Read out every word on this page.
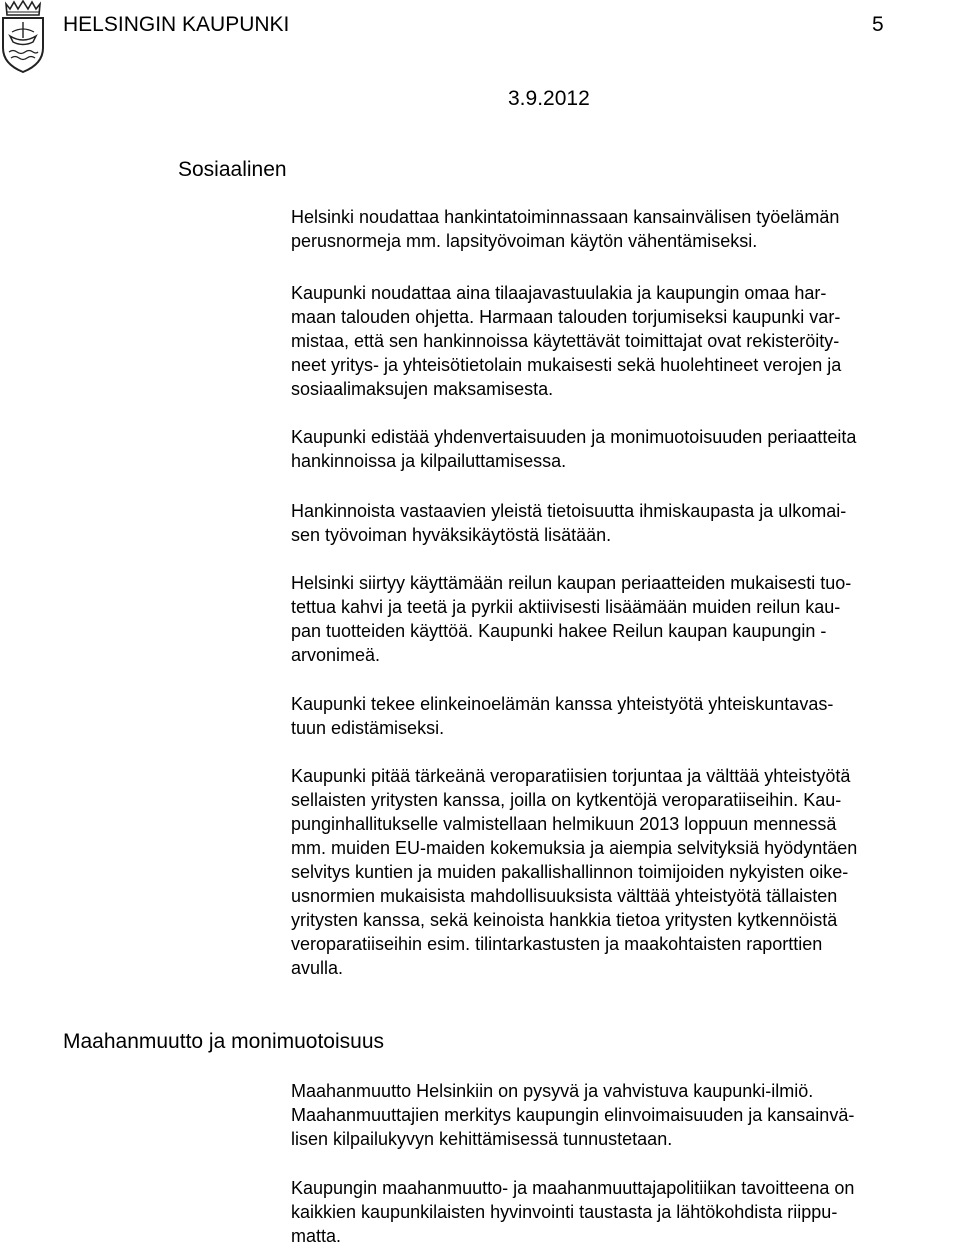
HELSINGIN KAUPUNKI	5
3.9.2012
Sosiaalinen

Helsinki noudattaa hankintatoiminnassaan kansainvälisen työelämän
perusnormeja mm. lapsityövoiman käytön vähentämiseksi.

Kaupunki noudattaa aina tilaajavastuulakia ja kaupungin omaa har-
maan talouden ohjetta. Harmaan talouden torjumiseksi kaupunki var-
mistaa, että sen hankinnoissa käytettävät toimittajat ovat rekisteröity-
neet yritys- ja yhteisötietolain mukaisesti sekä huolehtineet verojen ja
sosiaalimaksujen maksamisesta.

Kaupunki edistää yhdenvertaisuuden ja monimuotoisuuden periaatteita
hankinnoissa ja kilpailuttamisessa.

Hankinnoista vastaavien yleistä tietoisuutta ihmiskaupasta ja ulkomai-
sen työvoiman hyväksikäytöstä lisätään.

Helsinki siirtyy käyttämään reilun kaupan periaatteiden mukaisesti tuo-
tettua kahvi ja teetä ja pyrkii aktiivisesti lisäämään muiden reilun kau-
pan tuotteiden käyttöä. Kaupunki hakee Reilun kaupan kaupungin -
arvonimeä.

Kaupunki tekee elinkeinoelämän kanssa yhteistyötä yhteiskuntavas-
tuun edistämiseksi.

Kaupunki pitää tärkeänä veroparatiisien torjuntaa ja välttää yhteistyötä
sellaisten yritysten kanssa, joilla on kytkentöjä veroparatiiseihin. Kau-
punginhallitukselle valmistellaan helmikuun 2013 loppuun mennessä
mm. muiden EU-maiden kokemuksia ja aiempia selvityksiä hyödyntäen
selvitys kuntien ja muiden pakallishallinnon toimijoiden nykyisten oike-
usnormien mukaisista mahdollisuuksista välttää yhteistyötä tällaisten
yritysten kanssa, sekä keinoista hankkia tietoa yritysten kytkennöistä
veroparatiiseihin esim. tilintarkastusten ja maakohtaisten raporttien
avulla.

Maahanmuutto ja monimuotoisuus

Maahanmuutto Helsinkiin on pysyvä ja vahvistuva kaupunki-ilmiö.
Maahanmuuttajien merkitys kaupungin elinvoimaisuuden ja kansainvä-
lisen kilpailukyvyn kehittämisessä tunnustetaan.

Kaupungin maahanmuutto- ja maahanmuuttajapolitiikan tavoitteena on
kaikkien kaupunkilaisten hyvinvointi taustasta ja lähtökohdista riippu-
matta.
